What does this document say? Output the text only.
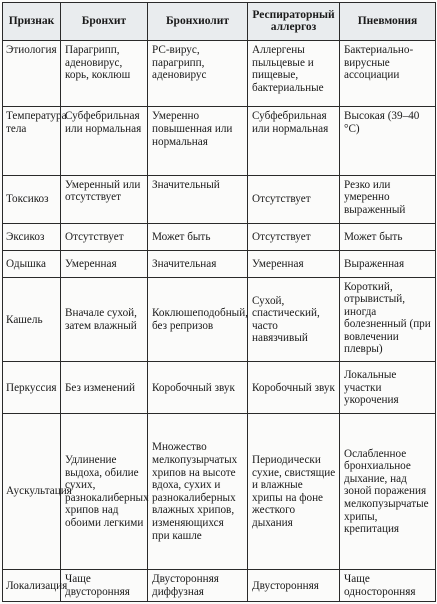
Признак	Бронхит	Бронхиолит	Респираторный аллергоз	Пневмония
Этиология	Парагрипп, аденовирус, корь, коклюш	РС-вирус, парагрипп, аденовирус	Аллергены пыльцевые и пищевые, бактериальные	Бактериально-вирусные ассоциации
Температура тела	Субфебрильная или нормальная	Умеренно повышенная или нормальная	Субфебрильная или нормальная	Высокая (39–40 °С)
Токсикоз	Умеренный или отсутствует	Значительный	Отсутствует	Резко или умеренно выраженный
Эксикоз	Отсутствует	Может быть	Отсутствует	Может быть
Одышка	Умеренная	Значительная	Умеренная	Выраженная
Кашель	Вначале сухой, затем влажный	Коклюшеподобный, без репризов	Сухой, спастический, часто навязчивый	Короткий, отрывистый, иногда болезненный (при вовлечении плевры)
Перкуссия	Без изменений	Коробочный звук	Коробочный звук	Локальные участки укорочения
Аускультация	Удлинение выдоха, обилие сухих, разнокалиберных хрипов над обоими легкими	Множество мелкопузырчатых хрипов на высоте вдоха, сухих и разнокалиберных влажных хрипов, изменяющихся при кашле	Периодически сухие, свистящие и влажные хрипы на фоне жесткого дыхания	Ослабленное бронхиальное дыхание, над зоной поражения мелкопузырчатые хрипы, крепитация
Локализация	Чаще двусторонняя	Двусторонняя диффузная	Двусторонняя	Чаще односторонняя
